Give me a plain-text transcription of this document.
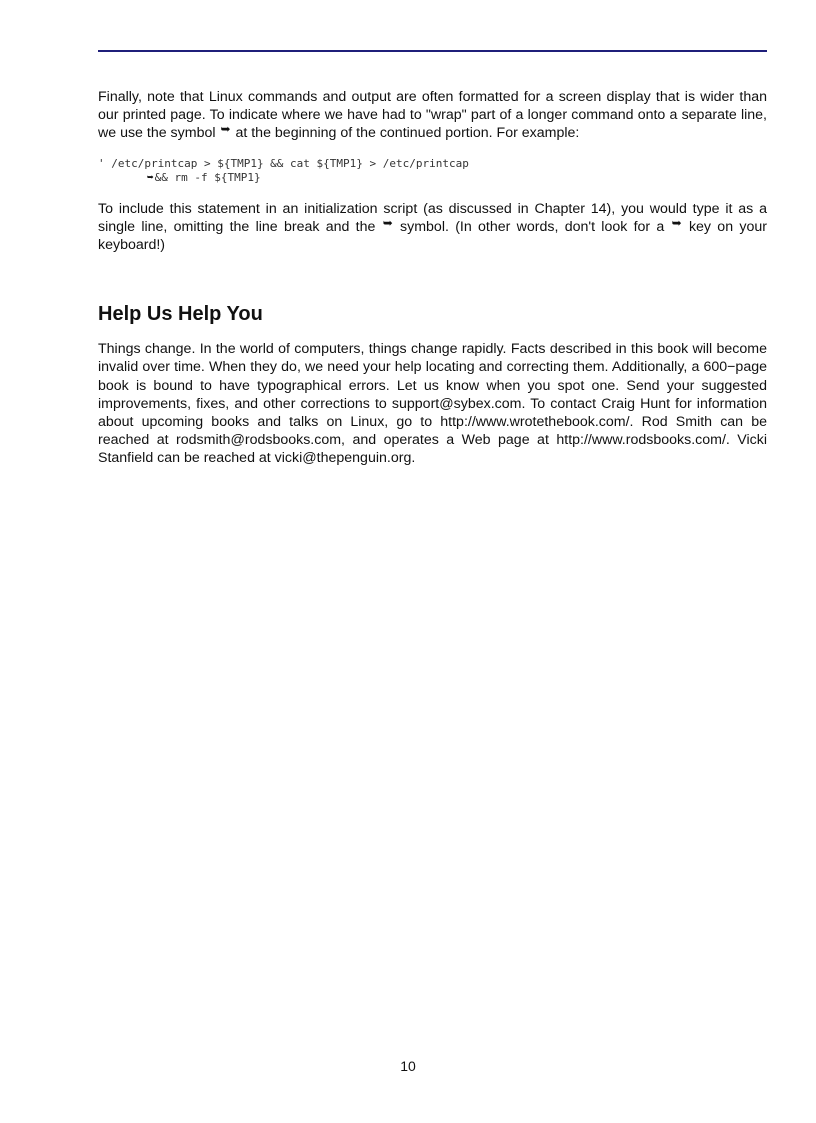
Finally, note that Linux commands and output are often formatted for a screen display that is wider than our printed page. To indicate where we have had to "wrap" part of a longer command onto a separate line, we use the symbol ➥ at the beginning of the continued portion. For example:

' /etc/printcap > ${TMP1} && cat ${TMP1} > /etc/printcap
➥&& rm -f ${TMP1}

To include this statement in an initialization script (as discussed in Chapter 14), you would type it as a single line, omitting the line break and the ➥ symbol. (In other words, don't look for a ➥ key on your keyboard!)

Help Us Help You

Things change. In the world of computers, things change rapidly. Facts described in this book will become invalid over time. When they do, we need your help locating and correcting them. Additionally, a 600−page book is bound to have typographical errors. Let us know when you spot one. Send your suggested improvements, fixes, and other corrections to support@sybex.com. To contact Craig Hunt for information about upcoming books and talks on Linux, go to http://www.wrotethebook.com/. Rod Smith can be reached at rodsmith@rodsbooks.com, and operates a Web page at http://www.rodsbooks.com/. Vicki Stanfield can be reached at vicki@thepenguin.org.

10
